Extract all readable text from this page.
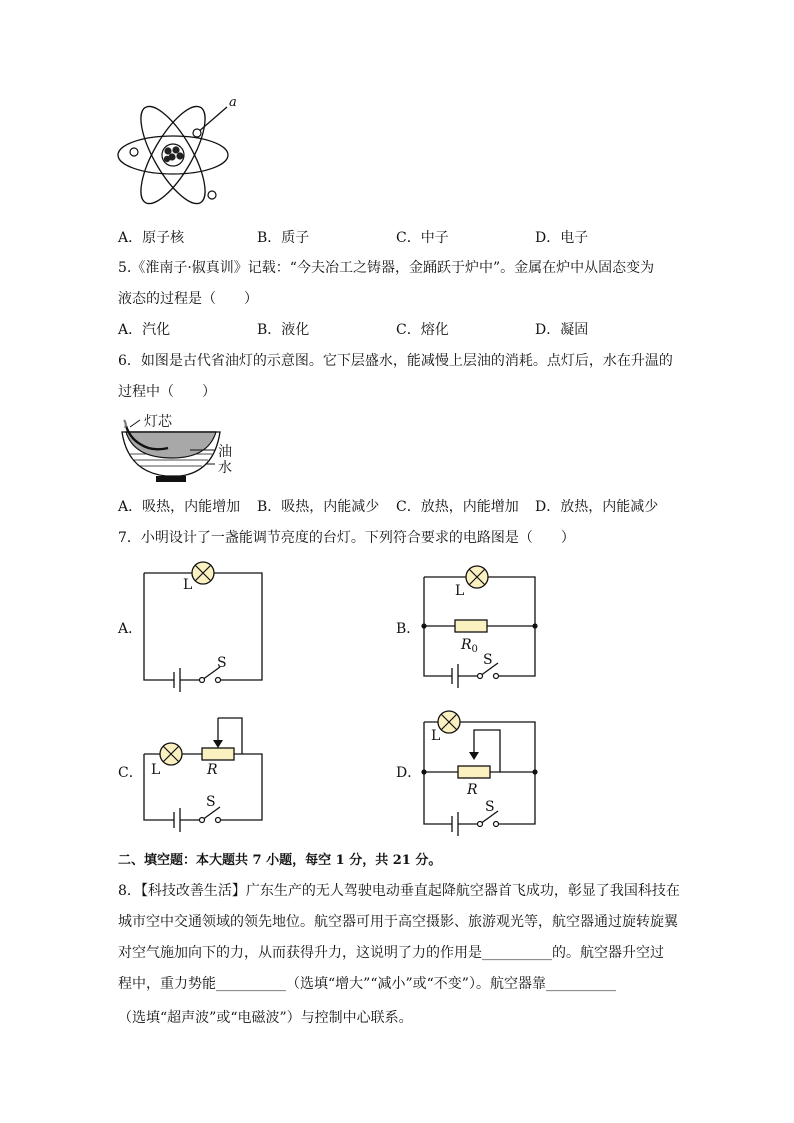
a
A．原子核	B．质子	C．中子	D．电子
5.《淮南子·俶真训》记载：“今夫冶工之铸器，金踊跃于炉中”。金属在炉中从固态变为
液态的过程是（　　）
A．汽化	B．液化	C．熔化	D．凝固
6．如图是古代省油灯的示意图。它下层盛水，能减慢上层油的消耗。点灯后，水在升温的
过程中（　　）
灯芯
油
水
A．吸热，内能增加 B．吸热，内能减少 C．放热，内能增加 D．放热，内能减少
7．小明设计了一盏能调节亮度的台灯。下列符合要求的电路图是（　　）
A．
L
S
B．
L
$R_0$
S
C． L	R
S
D．
L
R
S
二、填空题：本大题共 7 小题，每空 1 分，共 21 分。
8．【科技改善生活】广东生产的无人驾驶电动垂直起降航空器首飞成功，彰显了我国科技在
城市空中交通领域的领先地位。航空器可用于高空摄影、旅游观光等，航空器通过旋转旋翼
对空气施加向下的力，从而获得升力，这说明了力的作用是__________的。航空器升空过
程中，重力势能__________（选填“增大”“减小”或“不变”）。航空器靠__________
（选填“超声波”或“电磁波”）与控制中心联系。
